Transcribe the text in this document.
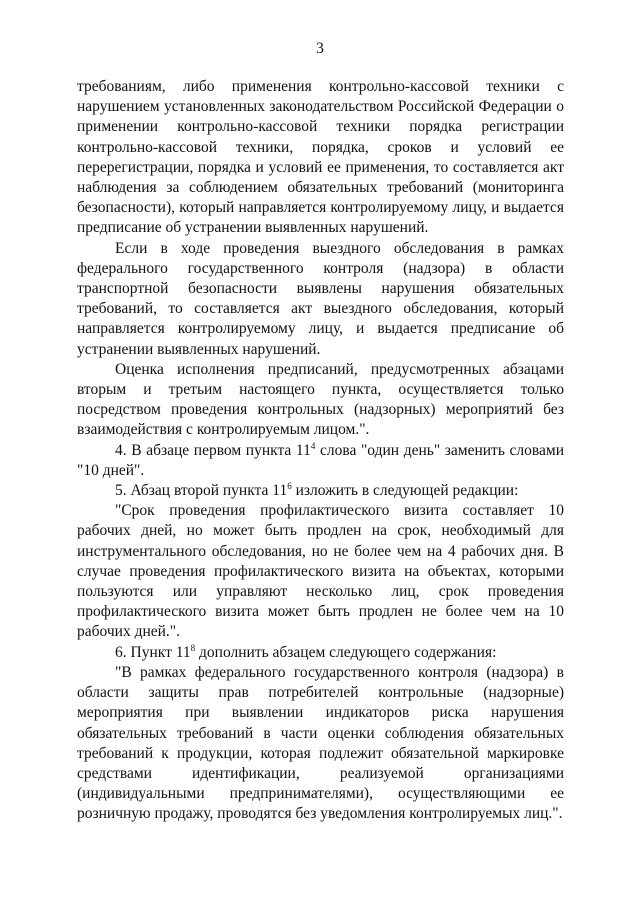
3

требованиям, либо применения контрольно-кассовой техники с нарушением установленных законодательством Российской Федерации о применении контрольно-кассовой техники порядка регистрации контрольно-кассовой техники, порядка, сроков и условий ее перерегистрации, порядка и условий ее применения, то составляется акт наблюдения за соблюдением обязательных требований (мониторинга безопасности), который направляется контролируемому лицу, и выдается предписание об устранении выявленных нарушений.

Если в ходе проведения выездного обследования в рамках федерального государственного контроля (надзора) в области транспортной безопасности выявлены нарушения обязательных требований, то составляется акт выездного обследования, который направляется контролируемому лицу, и выдается предписание об устранении выявленных нарушений.

Оценка исполнения предписаний, предусмотренных абзацами вторым и третьим настоящего пункта, осуществляется только посредством проведения контрольных (надзорных) мероприятий без взаимодействия с контролируемым лицом.".

4. В абзаце первом пункта $11^4$ слова "один день" заменить словами "10 дней".

5. Абзац второй пункта $11^6$ изложить в следующей редакции:

"Срок проведения профилактического визита составляет 10 рабочих дней, но может быть продлен на срок, необходимый для инструментального обследования, но не более чем на 4 рабочих дня. В случае проведения профилактического визита на объектах, которыми пользуются или управляют несколько лиц, срок проведения профилактического визита может быть продлен не более чем на 10 рабочих дней.".

6. Пункт $11^8$ дополнить абзацем следующего содержания:

"В рамках федерального государственного контроля (надзора) в области защиты прав потребителей контрольные (надзорные) мероприятия при выявлении индикаторов риска нарушения обязательных требований в части оценки соблюдения обязательных требований к продукции, которая подлежит обязательной маркировке средствами идентификации, реализуемой организациями (индивидуальными предпринимателями), осуществляющими ее розничную продажу, проводятся без уведомления контролируемых лиц.".
